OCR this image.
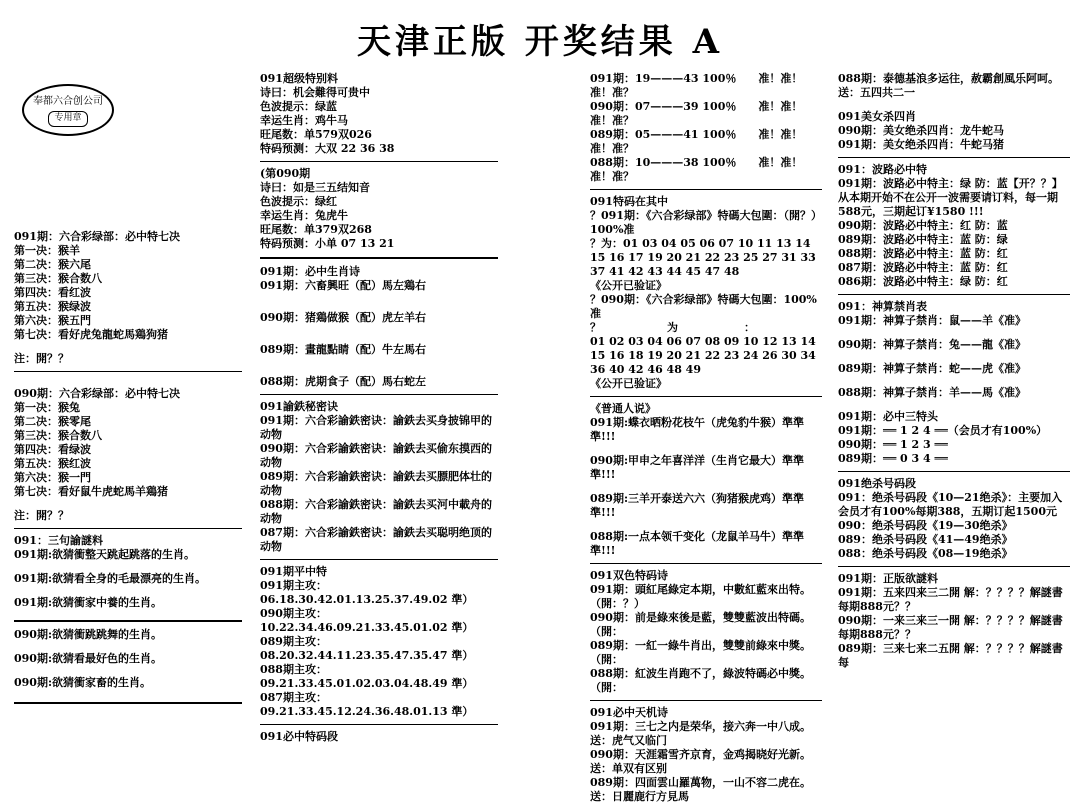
天津正版 开奖结果 A
奉都六合创公司
专用章

091期：六合彩绿部：必中特七决

第一决：猴羊

第二决：猴六尾

第三决：猴合数八

第四决：看红波

第五决：猴绿波

第六决：猴五門

第七决：看好虎兔龍蛇馬鶏狗猪

注：開？？

090期：六合彩绿部：必中特七决

第一决：猴兔

第二决：猴零尾

第三决：猴合数八

第四决：看绿波

第五决：猴红波

第六决：猴一門

第七决：看好鼠牛虎蛇馬羊鶏猪

注：開？？

091：三句諭謎料

091期:欲猜衝整天跳起跳落的生肖。

091期:欲猜看全身的毛最漂亮的生肖。

091期:欲猜衝家中養的生肖。

090期:欲猜衝跳跳舞的生肖。

090期:欲猜看最好色的生肖。

090期:欲猜衝家畜的生肖。

091超级特别料

诗曰：机会難得可贵中

色波提示：绿蓝

幸运生肖：鸡牛马

旺尾数：单579双026

特码预测：大双 22 36 38

(第090期

诗曰：如是三五结知音

色波提示：绿红

幸运生肖：兔虎牛

旺尾数：单379双268

特码预测：小单 07 13 21

091期：必中生肖诗

091期：六畜興旺（配）馬左鶏右

090期：猪鶏做猴（配）虎左羊右

089期：畫龍點睛（配）牛左馬右

088期：虎期食子（配）馬右蛇左

091諭鉄秘密诀

091期：六合彩諭鉄密诀：諭鉄去买身披锦甲的动物

090期：六合彩諭鉄密诀：諭鉄去买偷东摸西的动物

089期：六合彩諭鉄密诀：諭鉄去买膘肥体壮的动物

088期：六合彩諭鉄密诀：諭鉄去买河中載舟的动物

087期：六合彩諭鉄密诀：諭鉄去买聪明绝顶的动物

091期平中特

091期主攻： 06.18.30.42.01.13.25.37.49.02 準）

090期主攻： 10.22.34.46.09.21.33.45.01.02 準）

089期主攻： 08.20.32.44.11.23.35.47.35.47 準）

088期主攻： 09.21.33.45.01.02.03.04.48.49 準）

087期主攻： 09.21.33.45.12.24.36.48.01.13 準）

091必中特码段

091期：19———43 100％　　准！准！准！准？

090期：07———39 100％　　准！准！准！准？

089期：05———41 100％　　准！准！准！准？

088期：10———38 100％　　准！准！准！准？

091特码在其中

？091期：《六合彩绿部》特碼大包圍：（開？）100%准

？为：01 03 04 05 06 07 10 11 13 14 15 16 17 19 20 21 22 23 25 27 31 33 37 41 42 43 44 45 47 48

《公开已验证》

？090期：《六合彩绿部》特碼大包圍：100%准

？　　　　　　为　　　　　　：

01 02 03 04 06 07 08 09 10 12 13 14 15 16 18 19 20 21 22 23 24 26 30 34 36 40 42 46 48 49

《公开已验证》

《普通人说》

091期:蝶衣晒粉花枝午（虎兔豹牛猴）準準準!!!

090期:甲申之年喜洋洋（生肖它最大）準準準!!!

089期:三羊开泰送六六（狗猪猴虎鸡）準準準!!!

088期:一点本领千变化（龙鼠羊马牛）準準準!!!

091双色特码诗

091期：頭紅尾綠定本期，中數紅藍來出特。（開：？）

090期：前是綠來後是藍，雙雙藍波出特碼。（開：

089期：一紅一綠牛肖出，雙雙前綠來中獎。（開：

088期：紅波生肖跑不了，綠波特碼必中獎。（開：

091必中天机诗

091期：三七之内是荣华，接六奔一中八成。送：虎气又临门

090期：天涯霜雪齐京育，金鸡揭晓好光新。送：单双有区别

089期：四面雲山羅萬物，一山不容二虎在。送：日麗鹿行方見馬

088期：泰德基浪多运往，赦霸創風乐阿呵。送：五四共二一

091美女杀四肖

090期：美女绝杀四肖：龙牛蛇马

091期：美女绝杀四肖：牛蛇马猪

091：波路必中特

091期：波路必中特主：绿 防：蓝【开？？】从本期开始不在公开一波需要请订料，每一期588元，三期起订¥1580 !!!

090期：波路必中特主：红 防：蓝

089期：波路必中特主：蓝 防：绿

088期：波路必中特主：蓝 防：红

087期：波路必中特主：蓝 防：红

086期：波路必中特主：绿 防：红

091：神算禁肖表

091期：神算子禁肖：鼠——羊《准》

090期：神算子禁肖：兔——龍《准》

089期：神算子禁肖：蛇——虎《准》

088期：神算子禁肖：羊——馬《准》

091期：必中三特头

091期：══ 1 2 4 ══（会员才有100%）

090期：══ 1 2 3 ══

089期：══ 0 3 4 ══

091绝杀号码段

091：绝杀号码段《10—21绝杀》：主要加入会员才有100%每期388，五期订起1500元

090：绝杀号码段《19—30绝杀》

089：绝杀号码段《41—49绝杀》

088：绝杀号码段《08—19绝杀》

091期：正版欲謎料

091期：五来四来三二開 解：？？？？解謎書每期888元？？

090期：一来三来三一開 解：？？？？解謎書每期888元？？

089期：三来七来二五開 解：？？？？解謎書每
